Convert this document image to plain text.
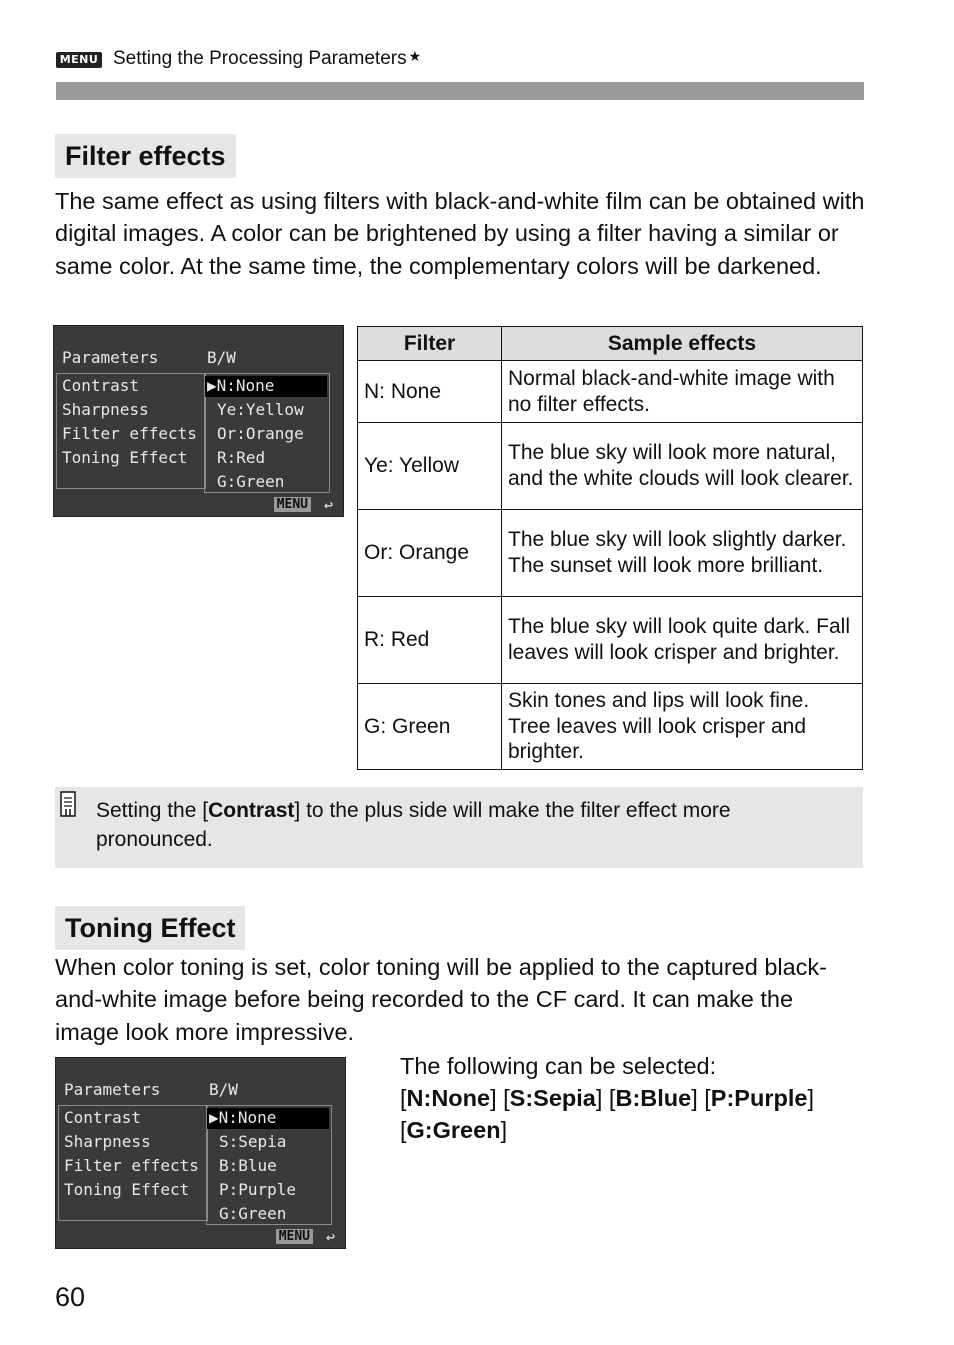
MENU Setting the Processing Parameters ★
Filter effects
The same effect as using filters with black-and-white film can be obtained with digital images. A color can be brightened by using a filter having a similar or same color. At the same time, the complementary colors will be darkened.
Parameters	B/W
Contrast
Sharpness
Filter effects
Toning Effect
▶N:None
Ye:Yellow
Or:Orange
R:Red
G:Green
MENU ↩
Filter	Sample effects
N: None	Normal black-and-white image with no filter effects.
Ye: Yellow	The blue sky will look more natural, and the white clouds will look clearer.
Or: Orange	The blue sky will look slightly darker. The sunset will look more brilliant.
R: Red	The blue sky will look quite dark. Fall leaves will look crisper and brighter.
G: Green	Skin tones and lips will look fine. Tree leaves will look crisper and brighter.
Setting the [Contrast] to the plus side will make the filter effect more pronounced.
Toning Effect
When color toning is set, color toning will be applied to the captured black-and-white image before being recorded to the CF card. It can make the image look more impressive.
Parameters	B/W
Contrast
Sharpness
Filter effects
Toning Effect
▶N:None
S:Sepia
B:Blue
P:Purple
G:Green
MENU ↩
The following can be selected:
[N:None] [S:Sepia] [B:Blue] [P:Purple]
[G:Green]
60
